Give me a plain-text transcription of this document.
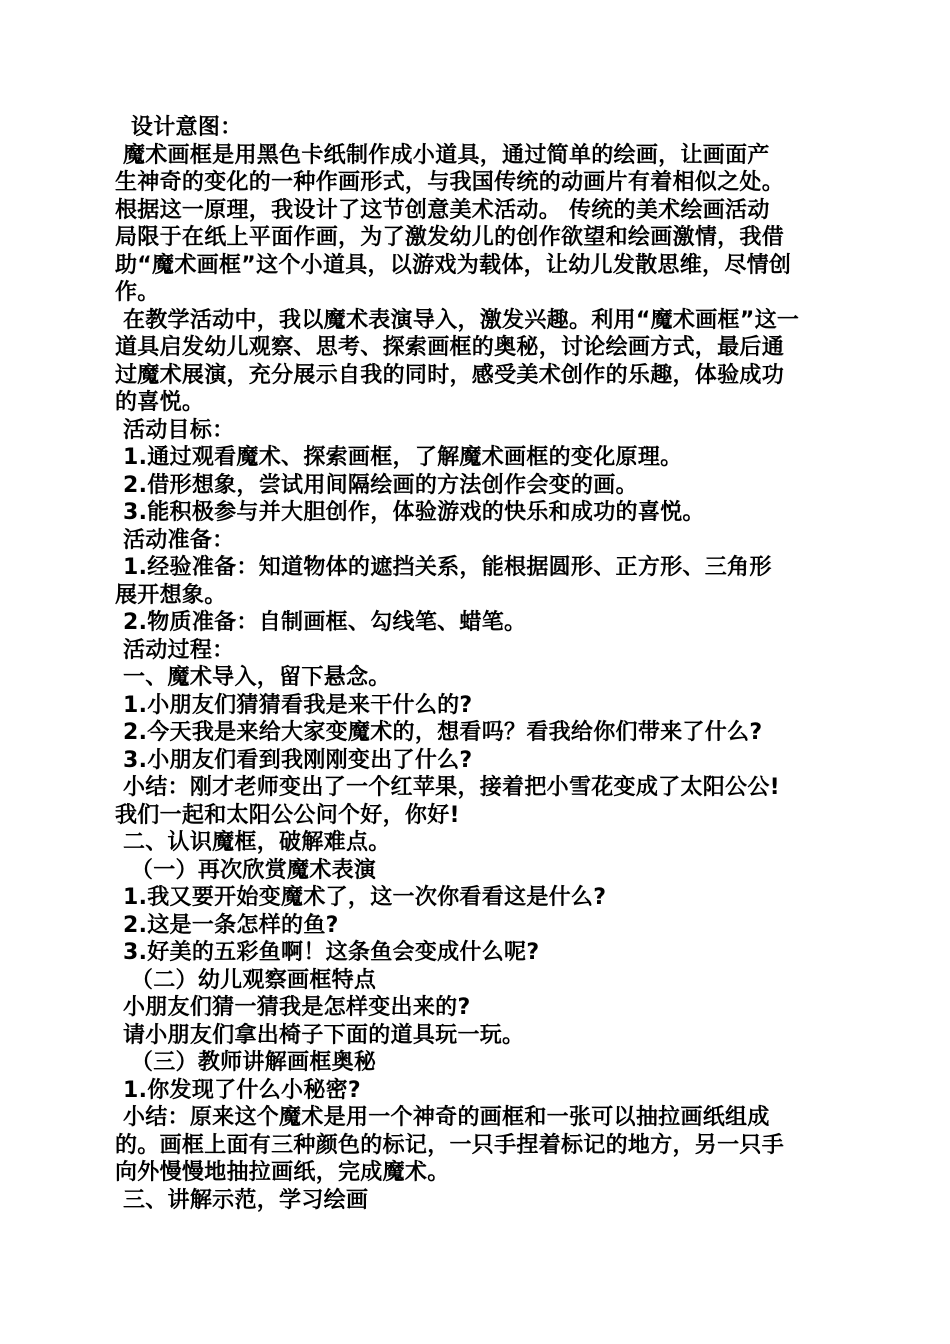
设计意图：
魔术画框是用黑色卡纸制作成小道具，通过简单的绘画，让画面产
生神奇的变化的一种作画形式，与我国传统的动画片有着相似之处。
根据这一原理，我设计了这节创意美术活动。 传统的美术绘画活动
局限于在纸上平面作画，为了激发幼儿的创作欲望和绘画激情，我借
助“魔术画框”这个小道具，以游戏为载体，让幼儿发散思维，尽情创
作。
在教学活动中，我以魔术表演导入，激发兴趣。利用“魔术画框”这一
道具启发幼儿观察、思考、探索画框的奥秘，讨论绘画方式，最后通
过魔术展演，充分展示自我的同时，感受美术创作的乐趣，体验成功
的喜悦。
活动目标：
1.通过观看魔术、探索画框，了解魔术画框的变化原理。
2.借形想象，尝试用间隔绘画的方法创作会变的画。
3.能积极参与并大胆创作，体验游戏的快乐和成功的喜悦。
活动准备：
1.经验准备：知道物体的遮挡关系，能根据圆形、正方形、三角形
展开想象。
2.物质准备：自制画框、勾线笔、蜡笔。
活动过程：
一、魔术导入，留下悬念。
1.小朋友们猜猜看我是来干什么的?
2.今天我是来给大家变魔术的，想看吗？看我给你们带来了什么?
3.小朋友们看到我刚刚变出了什么?
小结：刚才老师变出了一个红苹果，接着把小雪花变成了太阳公公!
我们一起和太阳公公问个好，你好!
二、认识魔框，破解难点。
（一）再次欣赏魔术表演
1.我又要开始变魔术了，这一次你看看这是什么?
2.这是一条怎样的鱼?
3.好美的五彩鱼啊！这条鱼会变成什么呢?
（二）幼儿观察画框特点
小朋友们猜一猜我是怎样变出来的?
请小朋友们拿出椅子下面的道具玩一玩。
（三）教师讲解画框奥秘
1.你发现了什么小秘密?
小结：原来这个魔术是用一个神奇的画框和一张可以抽拉画纸组成
的。画框上面有三种颜色的标记，一只手捏着标记的地方，另一只手
向外慢慢地抽拉画纸，完成魔术。
三、讲解示范，学习绘画
